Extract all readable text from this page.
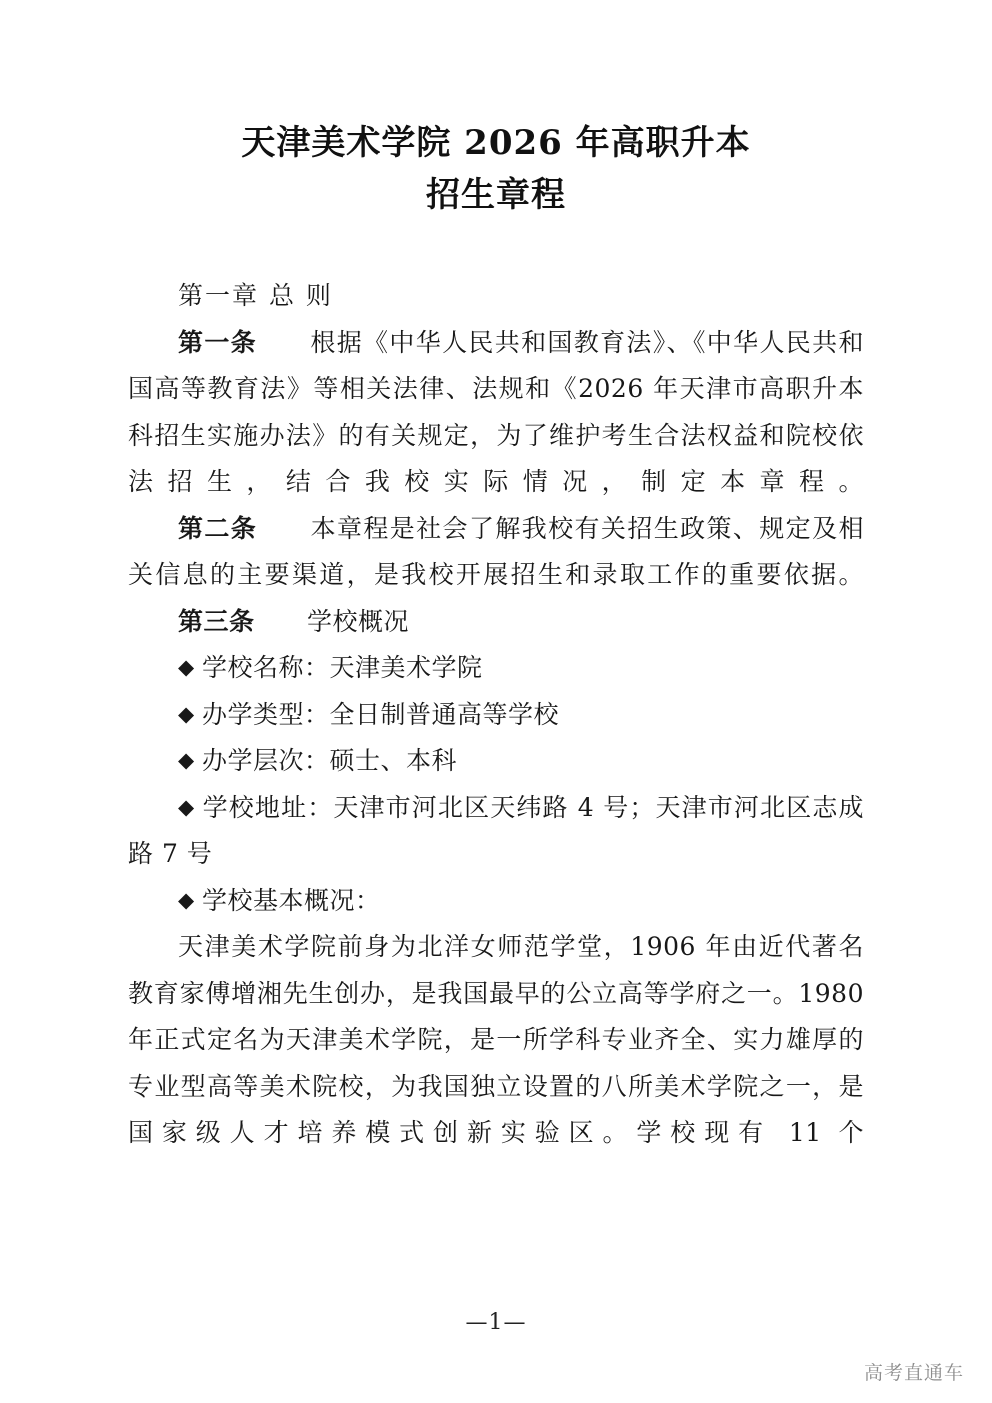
天津美术学院 2026 年高职升本
招生章程

第一章 总 则

第一条 根据《中华人民共和国教育法》、《中华人民共和国高等教育法》等相关法律、法规和《2026 年天津市高职升本科招生实施办法》的有关规定，为了维护考生合法权益和院校依法招生，结合我校实际情况，制定本章程。

第二条 本章程是社会了解我校有关招生政策、规定及相关信息的主要渠道，是我校开展招生和录取工作的重要依据。

第三条 学校概况

◆ 学校名称：天津美术学院

◆ 办学类型：全日制普通高等学校

◆ 办学层次：硕士、本科

◆ 学校地址：天津市河北区天纬路 4 号；天津市河北区志成路 7 号

◆ 学校基本概况：

天津美术学院前身为北洋女师范学堂，1906 年由近代著名教育家傅增湘先生创办，是我国最早的公立高等学府之一。1980 年正式定名为天津美术学院，是一所学科专业齐全、实力雄厚的专业型高等美术院校，为我国独立设置的八所美术学院之一，是国家级人才培养模式创新实验区。学校现有 11 个

—1—
高考直通车
